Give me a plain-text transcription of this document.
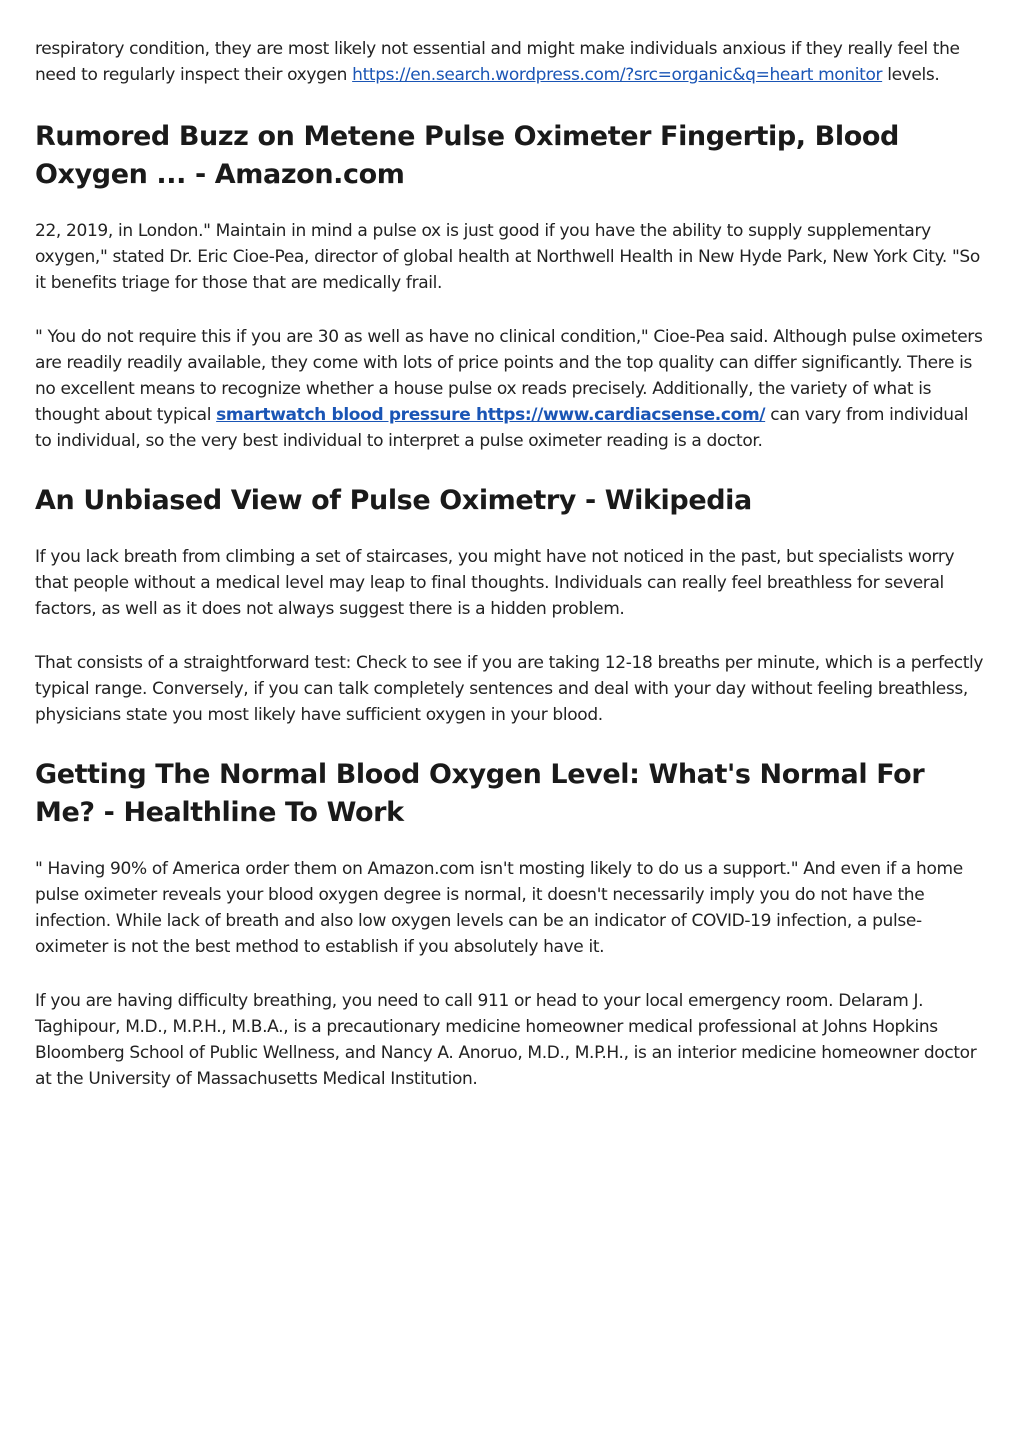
respiratory condition, they are most likely not essential and might make individuals anxious if they really feel the need to regularly inspect their oxygen https://en.search.wordpress.com/?src=organic&q=heart monitor levels.

Rumored Buzz on Metene Pulse Oximeter Fingertip, Blood Oxygen ... - Amazon.com

22, 2019, in London." Maintain in mind a pulse ox is just good if you have the ability to supply supplementary oxygen," stated Dr. Eric Cioe-Pea, director of global health at Northwell Health in New Hyde Park, New York City. "So it benefits triage for those that are medically frail.

" You do not require this if you are 30 as well as have no clinical condition," Cioe-Pea said. Although pulse oximeters are readily readily available, they come with lots of price points and the top quality can differ significantly. There is no excellent means to recognize whether a house pulse ox reads precisely. Additionally, the variety of what is thought about typical smartwatch blood pressure https://www.cardiacsense.com/ can vary from individual to individual, so the very best individual to interpret a pulse oximeter reading is a doctor.

An Unbiased View of Pulse Oximetry - Wikipedia

If you lack breath from climbing a set of staircases, you might have not noticed in the past, but specialists worry that people without a medical level may leap to final thoughts. Individuals can really feel breathless for several factors, as well as it does not always suggest there is a hidden problem.

That consists of a straightforward test: Check to see if you are taking 12-18 breaths per minute, which is a perfectly typical range. Conversely, if you can talk completely sentences and deal with your day without feeling breathless, physicians state you most likely have sufficient oxygen in your blood.

Getting The Normal Blood Oxygen Level: What's Normal For Me? - Healthline To Work

" Having 90% of America order them on Amazon.com isn't mosting likely to do us a support." And even if a home pulse oximeter reveals your blood oxygen degree is normal, it doesn't necessarily imply you do not have the infection. While lack of breath and also low oxygen levels can be an indicator of COVID-19 infection, a pulse-oximeter is not the best method to establish if you absolutely have it.

If you are having difficulty breathing, you need to call 911 or head to your local emergency room. Delaram J. Taghipour, M.D., M.P.H., M.B.A., is a precautionary medicine homeowner medical professional at Johns Hopkins Bloomberg School of Public Wellness, and Nancy A. Anoruo, M.D., M.P.H., is an interior medicine homeowner doctor at the University of Massachusetts Medical Institution.
